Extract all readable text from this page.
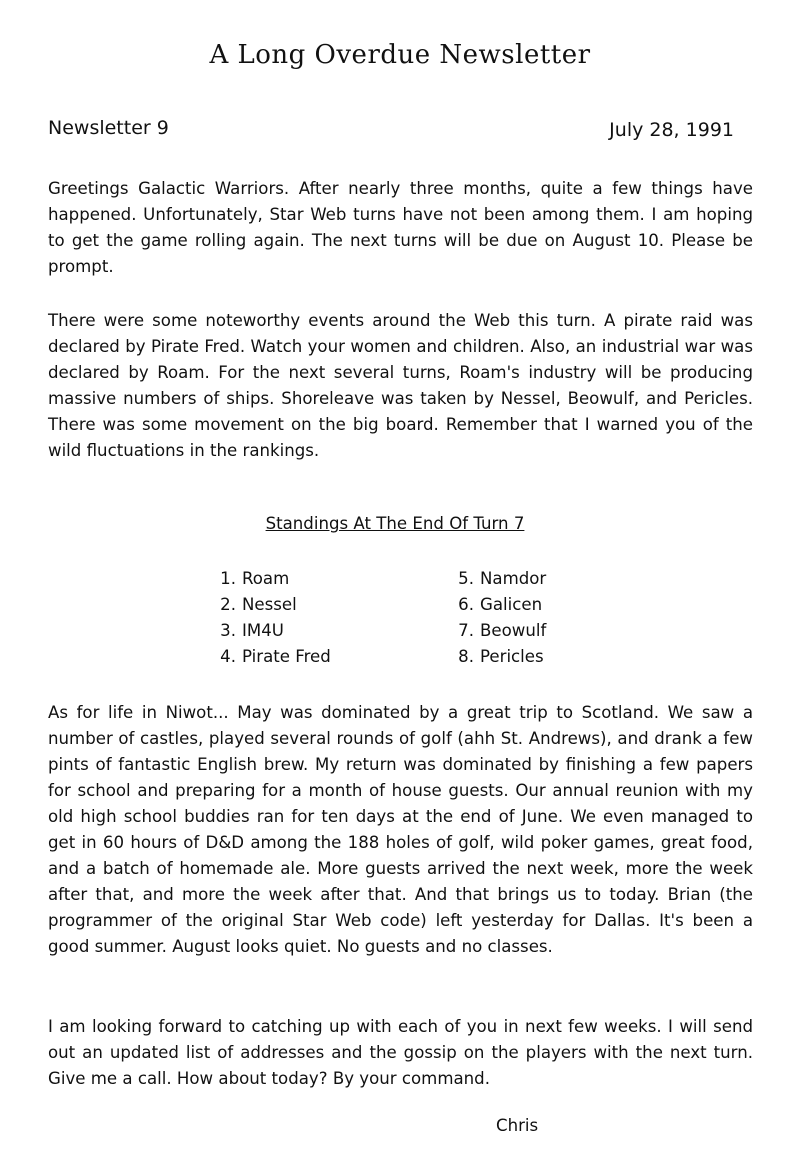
A Long Overdue Newsletter
Newsletter 9	July 28, 1991

Greetings Galactic Warriors. After nearly three months, quite a few things have happened. Unfortunately, Star Web turns have not been among them. I am hoping to get the game rolling again. The next turns will be due on August 10. Please be prompt.

There were some noteworthy events around the Web this turn. A pirate raid was declared by Pirate Fred. Watch your women and children. Also, an industrial war was declared by Roam. For the next several turns, Roam's industry will be producing massive numbers of ships. Shoreleave was taken by Nessel, Beowulf, and Pericles. There was some movement on the big board. Remember that I warned you of the wild fluctuations in the rankings.

Standings At The End Of Turn 7
1. Roam
2. Nessel
3. IM4U
4. Pirate Fred
5. Namdor
6. Galicen
7. Beowulf
8. Pericles

As for life in Niwot... May was dominated by a great trip to Scotland. We saw a number of castles, played several rounds of golf (ahh St. Andrews), and drank a few pints of fantastic English brew. My return was dominated by finishing a few papers for school and preparing for a month of house guests. Our annual reunion with my old high school buddies ran for ten days at the end of June. We even managed to get in 60 hours of D&D among the 188 holes of golf, wild poker games, great food, and a batch of homemade ale. More guests arrived the next week, more the week after that, and more the week after that. And that brings us to today. Brian (the programmer of the original Star Web code) left yesterday for Dallas. It's been a good summer. August looks quiet. No guests and no classes.

I am looking forward to catching up with each of you in next few weeks. I will send out an updated list of addresses and the gossip on the players with the next turn. Give me a call. How about today? By your command.

Chris
